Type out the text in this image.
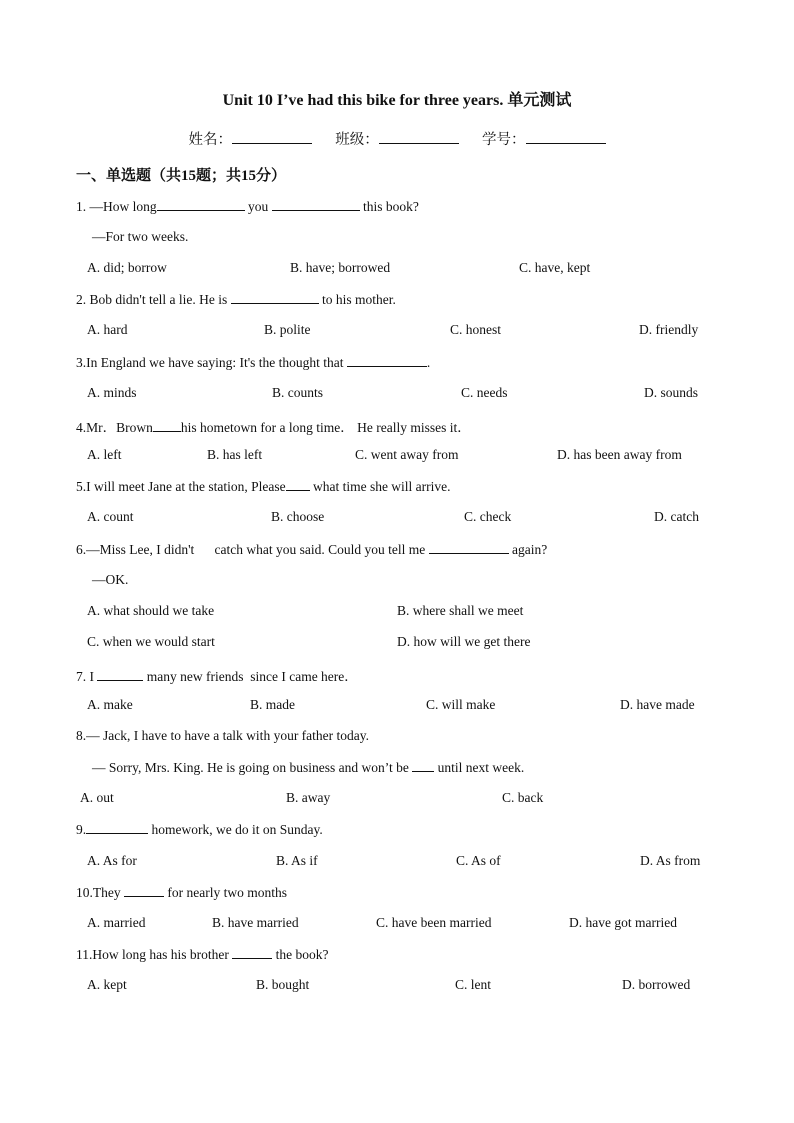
Unit 10 I’ve had this bike for three years. 单元测试
姓名：	班级：	学号：
一、单选题（共15题；共15分）
1. —How long	you	this book?
—For two weeks.
A. did; borrow	B. have; borrowed	C. have, kept
2. Bob didn't tell a lie. He is	to his mother.
A. hard	B. polite	C. honest	D. friendly
3.In England we have saying: It's the thought that	.
A. minds	B. counts	C. needs	D. sounds
4.Mr．Brown his hometown for a long time． He really misses it．
A. left	B. has left	C. went away from	D. has been away from
5.I will meet Jane at the station, Please what time she will arrive.
A. count	B. choose	C. check	D. catch
6.—Miss Lee, I didn't      catch what you said. Could you tell me	again?
—OK.
A. what should we take	B. where shall we meet
C. when we would start	D. how will we get there
7. I	many new friends  since I came here．
A. make	B. made	C. will make	D. have made
8.— Jack, I have to have a talk with your father today.
— Sorry, Mrs. King. He is going on business and won’t be  until next week.
A. out	B. away	C. back
9.	homework, we do it on Sunday.
A. As for	B. As if	C. As of	D. As from
10.They	for nearly two months
A. married	B. have married	C. have been married	D. have got married
11.How long has his brother	the book?
A. kept	B. bought	C. lent	D. borrowed
